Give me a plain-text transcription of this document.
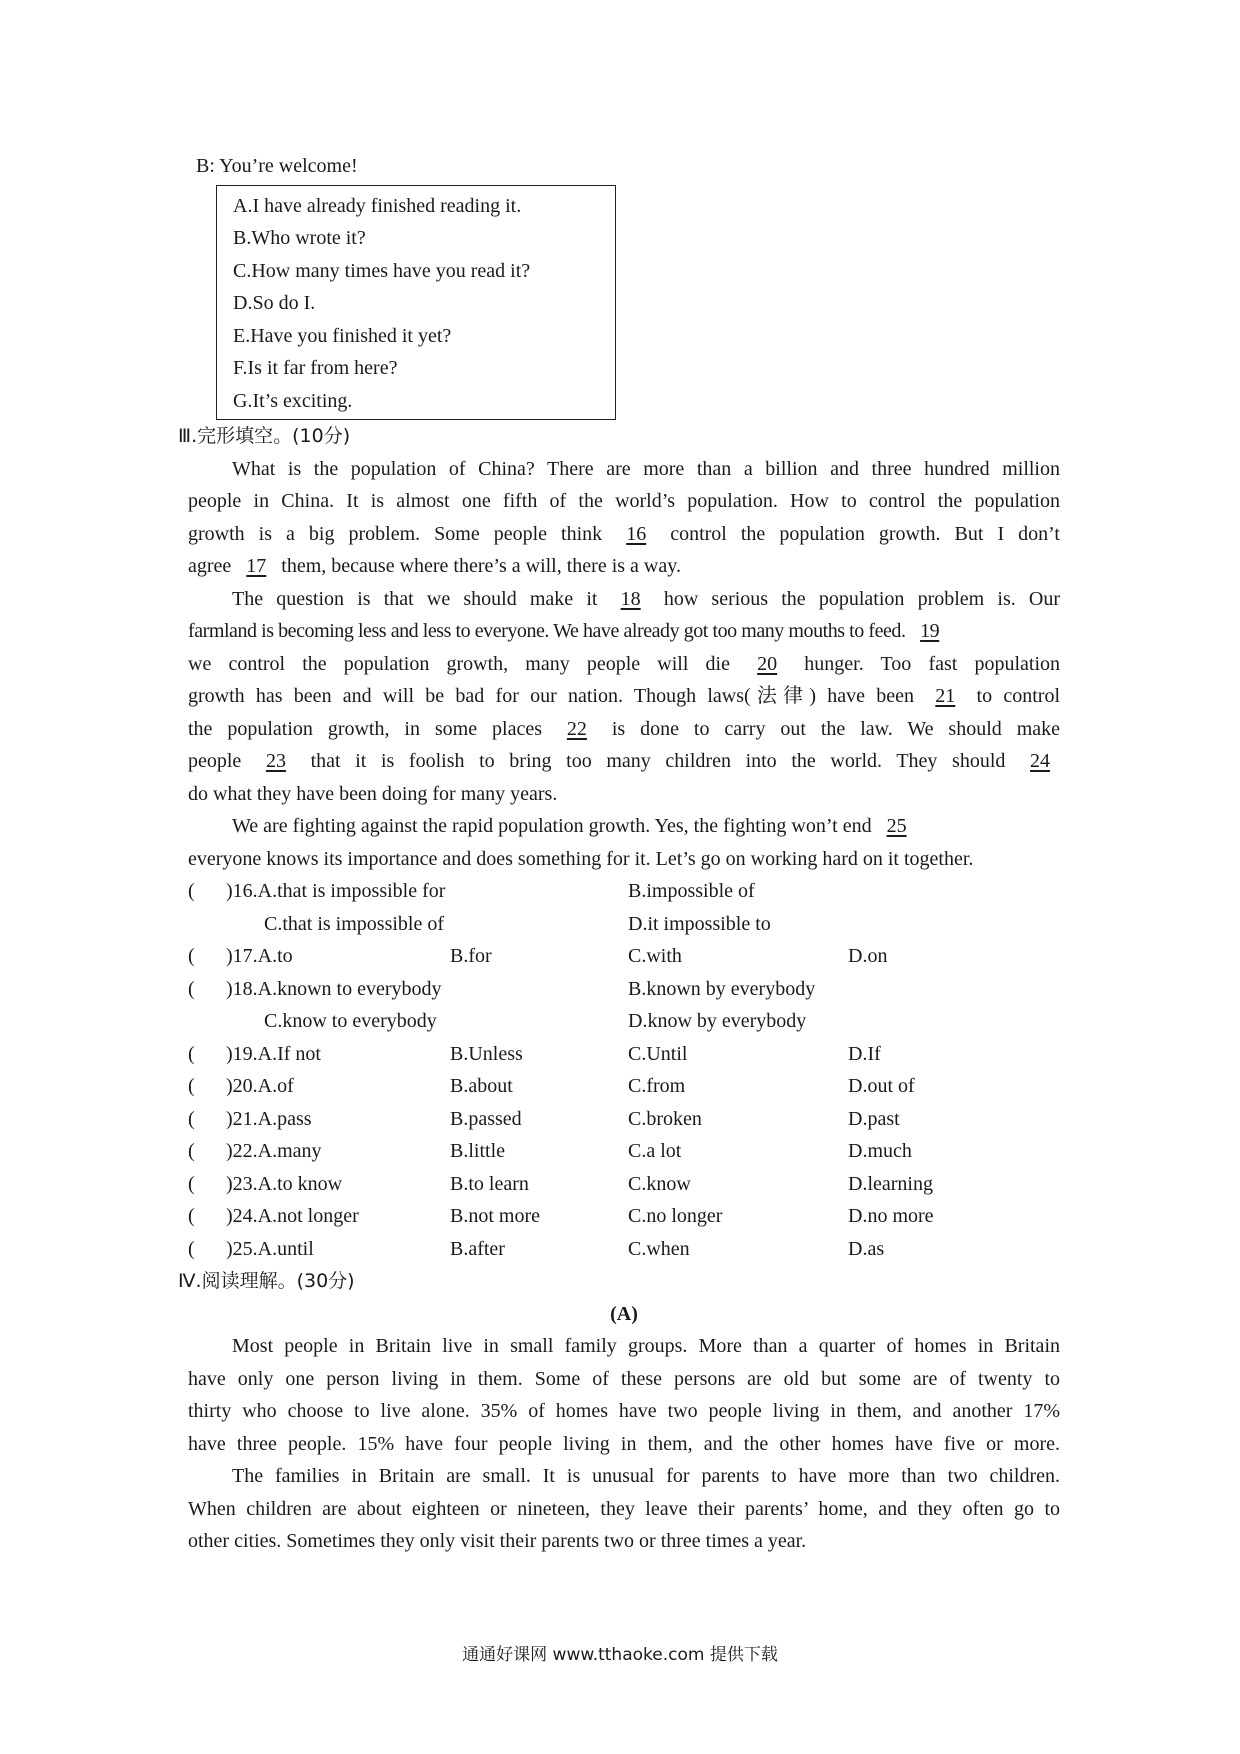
B: You’re welcome!
A.I have already finished reading it.
B.Who wrote it?
C.How many times have you read it?
D.So do I.
E.Have you finished it yet?
F.Is it far from here?
G.It’s exciting.
Ⅲ.完形填空。(10分)
What is the population of China? There are more than a billion and three hundred million
people in China. It is almost one fifth of the world’s population. How to control the population
growth is a big problem. Some people think 16 control the population growth. But I don’t
agree 17 them, because where there’s a will, there is a way.
The question is that we should make it 18 how serious the population problem is. Our
farmland is becoming less and less to everyone. We have already got too many mouths to feed. 19
we control the population growth, many people will die 20 hunger. Too fast population
growth has been and will be bad for our nation. Though laws(法律) have been 21 to control
the population growth, in some places 22 is done to carry out the law. We should make
people 23 that it is foolish to bring too many children into the world. They should 24
do what they have been doing for many years.
We are fighting against the rapid population growth. Yes, the fighting won’t end 25
everyone knows its importance and does something for it. Let’s go on working hard on it together.
( )16.A.that is impossible for	B.impossible of
C.that is impossible of	D.it impossible to
( )17.A.to	B.for	C.with	D.on
( )18.A.known to everybody	B.known by everybody
C.know to everybody	D.know by everybody
( )19.A.If not	B.Unless	C.Until	D.If
( )20.A.of	B.about	C.from	D.out of
( )21.A.pass	B.passed	C.broken	D.past
( )22.A.many	B.little	C.a lot	D.much
( )23.A.to know	B.to learn	C.know	D.learning
( )24.A.not longer	B.not more	C.no longer	D.no more
( )25.A.until	B.after	C.when	D.as
Ⅳ.阅读理解。(30分)
(A)
Most people in Britain live in small family groups. More than a quarter of homes in Britain
have only one person living in them. Some of these persons are old but some are of twenty to
thirty who choose to live alone. 35% of homes have two people living in them, and another 17%
have three people. 15% have four people living in them, and the other homes have five or more.
The families in Britain are small. It is unusual for parents to have more than two children.
When children are about eighteen or nineteen, they leave their parents’ home, and they often go to
other cities. Sometimes they only visit their parents two or three times a year.
通通好课网 www.tthaoke.com 提供下载
